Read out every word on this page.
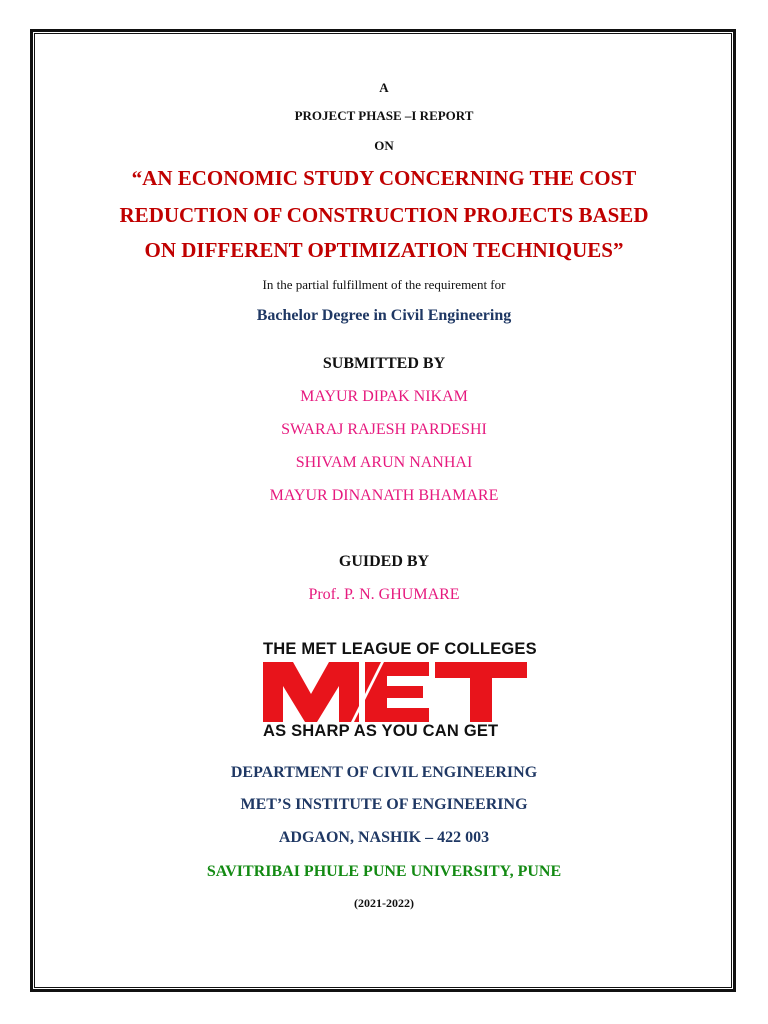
A
PROJECT PHASE –I REPORT
ON
“AN ECONOMIC STUDY CONCERNING THE COST
REDUCTION OF CONSTRUCTION PROJECTS BASED
ON DIFFERENT OPTIMIZATION TECHNIQUES”
In the partial fulfillment of the requirement for
Bachelor Degree in Civil Engineering
SUBMITTED BY
MAYUR DIPAK NIKAM
SWARAJ RAJESH PARDESHI
SHIVAM ARUN NANHAI
MAYUR DINANATH BHAMARE
GUIDED BY
Prof. P. N. GHUMARE
THE MET LEAGUE OF COLLEGES
AS SHARP AS YOU CAN GET
DEPARTMENT OF CIVIL ENGINEERING
MET’S INSTITUTE OF ENGINEERING
ADGAON, NASHIK – 422 003
SAVITRIBAI PHULE PUNE UNIVERSITY, PUNE
(2021-2022)
